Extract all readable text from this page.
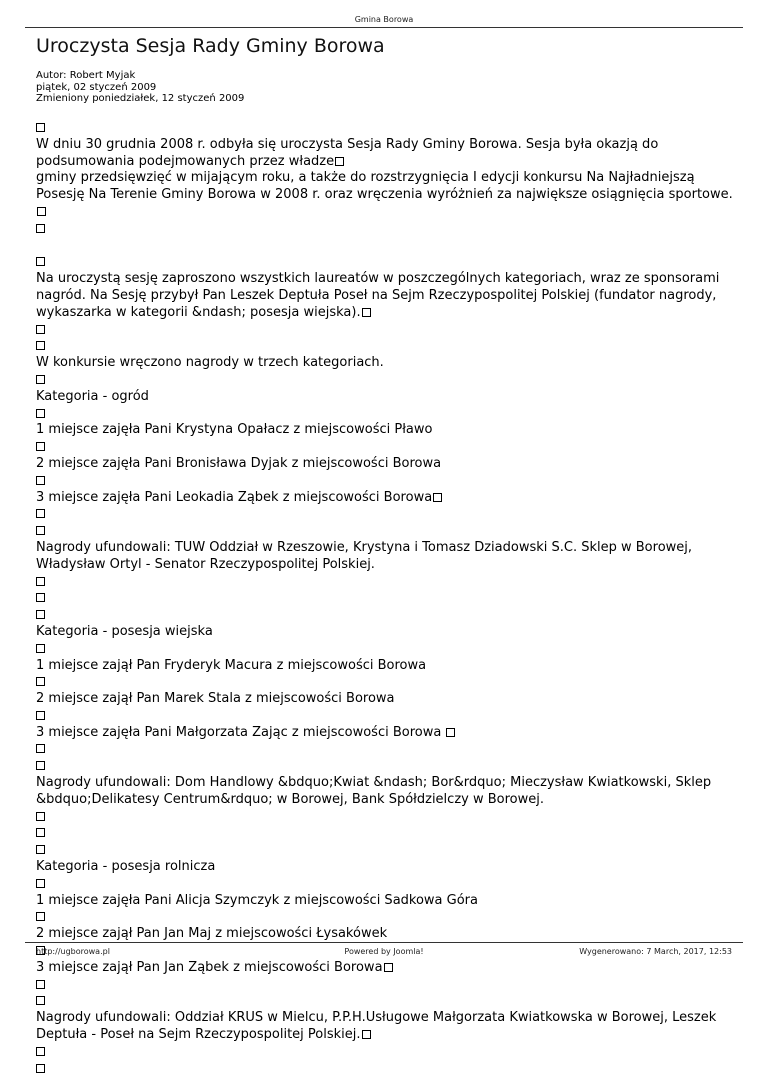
Gmina Borowa
Uroczysta Sesja Rady Gminy Borowa
Autor: Robert Myjak
piątek, 02 styczeń 2009
Zmieniony poniedziałek, 12 styczeń 2009
W dniu 30 grudnia 2008 r. odbyła się uroczysta Sesja Rady Gminy Borowa. Sesja była okazją do podsumowania podejmowanych przez władze
gminy przedsięwzięć w mijającym roku, a także do rozstrzygnięcia I edycji konkursu Na Najładniejszą Posesję Na Terenie Gminy Borowa w 2008 r. oraz wręczenia wyróżnień za największe osiągnięcia sportowe.

Na uroczystą sesję zaproszono wszystkich laureatów w poszczególnych kategoriach, wraz ze sponsorami nagród. Na Sesję przybył Pan Leszek Deptuła Poseł na Sejm Rzeczypospolitej Polskiej (fundator nagrody, wykaszarka w kategorii &ndash; posesja wiejska).
W konkursie wręczono nagrody w trzech kategoriach.
Kategoria - ogród
1 miejsce zajęła Pani Krystyna Opałacz z miejscowości Pławo
2 miejsce zajęła Pani Bronisława Dyjak z miejscowości Borowa
3 miejsce zajęła Pani Leokadia Ząbek z miejscowości Borowa
Nagrody ufundowali: TUW Oddział w Rzeszowie, Krystyna i Tomasz Dziadowski S.C. Sklep w Borowej, Władysław Ortyl - Senator Rzeczypospolitej Polskiej.
Kategoria - posesja wiejska
1 miejsce zajął Pan Fryderyk Macura z miejscowości Borowa
2 miejsce zajął Pan Marek Stala z miejscowości Borowa
3 miejsce zajęła Pani Małgorzata Zając z miejscowości Borowa
Nagrody ufundowali: Dom Handlowy &bdquo;Kwiat &ndash; Bor&rdquo; Mieczysław Kwiatkowski, Sklep &bdquo;Delikatesy Centrum&rdquo; w Borowej, Bank Spółdzielczy w Borowej.
Kategoria - posesja rolnicza
1 miejsce zajęła Pani Alicja Szymczyk z miejscowości Sadkowa Góra
2 miejsce zajął Pan Jan Maj z miejscowości Łysakówek
3 miejsce zajął Pan Jan Ząbek z miejscowości Borowa
Nagrody ufundowali: Oddział KRUS w Mielcu, P.P.H.Usługowe Małgorzata Kwiatkowska w Borowej, Leszek Deptuła - Poseł na Sejm Rzeczypospolitej Polskiej.
http://ugborowa.pl	Powered by Joomla!	Wygenerowano: 7 March, 2017, 12:53
